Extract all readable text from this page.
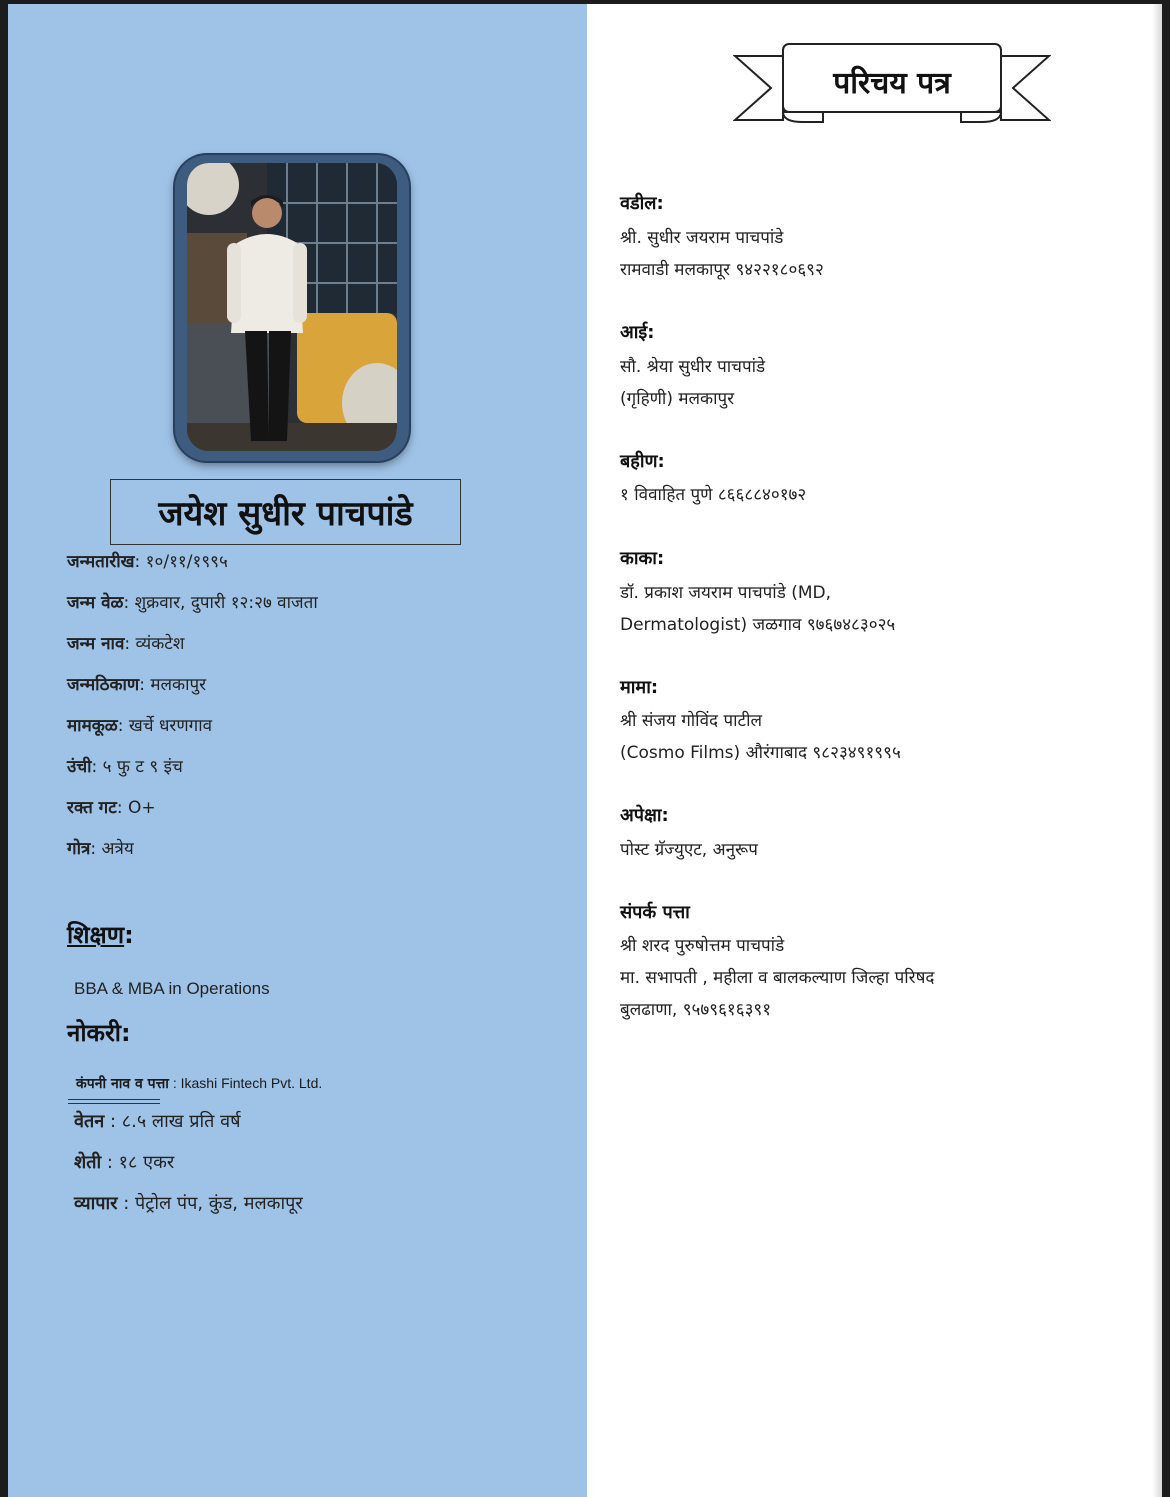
जयेश सुधीर पाचपांडे
जन्मतारीख: १०/११/१९९५
जन्म वेळ: शुक्रवार, दुपारी १२:२७ वाजता
जन्म नाव: व्यंकटेश
जन्मठिकाण: मलकापुर
मामकूळ: खर्चे धरणगाव
उंची: ५ फु ट ९ इंच
रक्त गट: O+
गोत्र: अत्रेय
शिक्षण:
BBA & MBA in Operations
नोकरी:
कंपनी नाव व पत्ता : Ikashi Fintech Pvt. Ltd.
वेतन : ८.५ लाख प्रति वर्ष
शेती : १८ एकर
व्यापार : पेट्रोल पंप, कुंड, मलकापूर
परिचय पत्र
वडील:
श्री. सुधीर जयराम पाचपांडे
रामवाडी मलकापूर ९४२२१८०६९२
आई:
सौ. श्रेया सुधीर पाचपांडे
(गृहिणी) मलकापुर
बहीण:
१ विवाहित पुणे ८६६८८४०१७२
काका:
डॉ. प्रकाश जयराम पाचपांडे (MD,
Dermatologist) जळगाव ९७६७४८३०२५
मामा:
श्री संजय गोविंद पाटील
(Cosmo Films) औरंगाबाद ९८२३४९१९९५
अपेक्षा:
पोस्ट ग्रॅज्युएट, अनुरूप
संपर्क पत्ता
श्री शरद पुरुषोत्तम पाचपांडे
मा. सभापती , महीला व बालकल्याण जिल्हा परिषद
बुलढाणा, ९५७९६१६३९१
